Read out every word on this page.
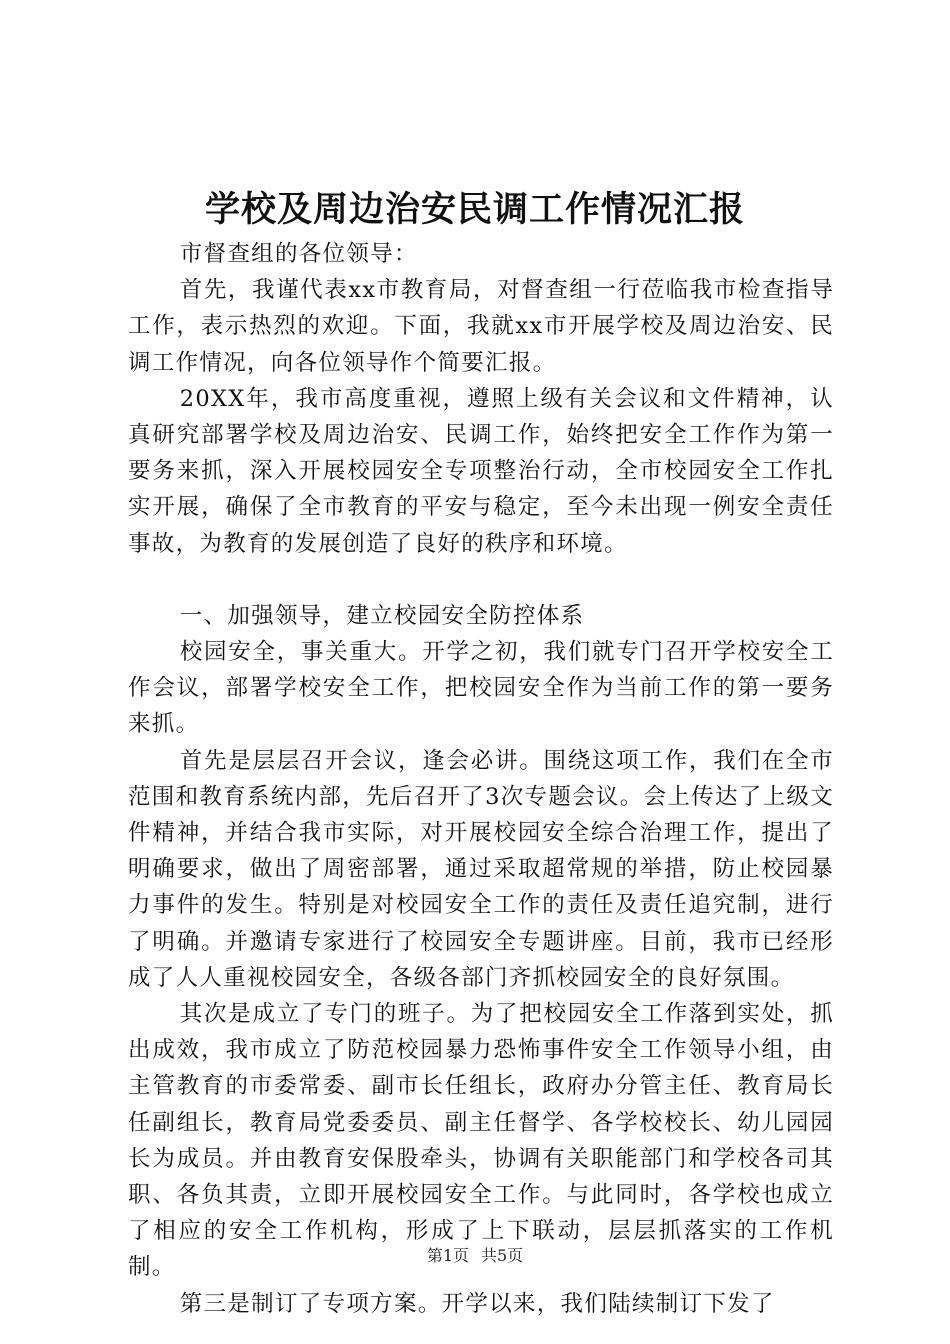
学校及周边治安民调工作情况汇报

市督查组的各位领导：

首先，我谨代表xx市教育局，对督查组一行莅临我市检查指导工作，表示热烈的欢迎。下面，我就xx市开展学校及周边治安、民调工作情况，向各位领导作个简要汇报。

20XX年，我市高度重视，遵照上级有关会议和文件精神，认真研究部署学校及周边治安、民调工作，始终把安全工作作为第一要务来抓，深入开展校园安全专项整治行动，全市校园安全工作扎实开展，确保了全市教育的平安与稳定，至今未出现一例安全责任事故，为教育的发展创造了良好的秩序和环境。

一、加强领导，建立校园安全防控体系

校园安全，事关重大。开学之初，我们就专门召开学校安全工作会议，部署学校安全工作，把校园安全作为当前工作的第一要务来抓。

首先是层层召开会议，逢会必讲。围绕这项工作，我们在全市范围和教育系统内部，先后召开了3次专题会议。会上传达了上级文件精神，并结合我市实际，对开展校园安全综合治理工作，提出了明确要求，做出了周密部署，通过采取超常规的举措，防止校园暴力事件的发生。特别是对校园安全工作的责任及责任追究制，进行了明确。并邀请专家进行了校园安全专题讲座。目前，我市已经形成了人人重视校园安全，各级各部门齐抓校园安全的良好氛围。

其次是成立了专门的班子。为了把校园安全工作落到实处，抓出成效，我市成立了防范校园暴力恐怖事件安全工作领导小组，由主管教育的市委常委、副市长任组长，政府办分管主任、教育局长任副组长，教育局党委委员、副主任督学、各学校校长、幼儿园园长为成员。并由教育安保股牵头，协调有关职能部门和学校各司其职、各负其责，立即开展校园安全工作。与此同时，各学校也成立了相应的安全工作机构，形成了上下联动，层层抓落实的工作机制。

第三是制订了专项方案。开学以来，我们陆续制订下发了

第1页 共5页
